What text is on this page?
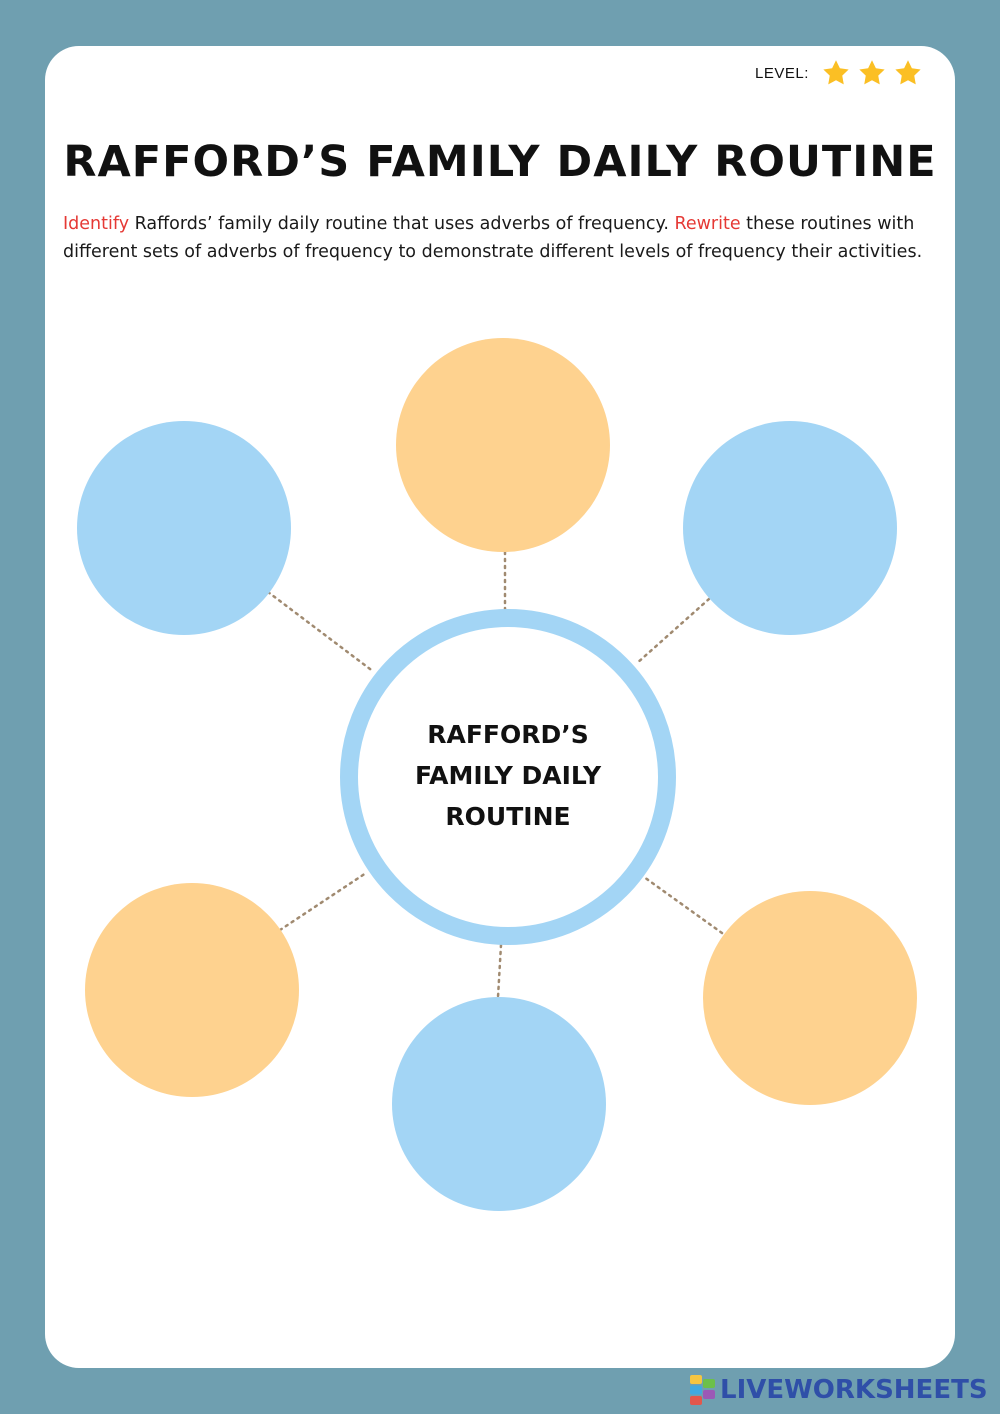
LEVEL:
RAFFORD’S FAMILY DAILY ROUTINE

Identify Raffords’ family daily routine that uses adverbs of frequency. Rewrite these routines with different sets of adverbs of frequency to demonstrate different levels of frequency their activities.

RAFFORD’S
FAMILY DAILY
ROUTINE
LIVEWORKSHEETS
